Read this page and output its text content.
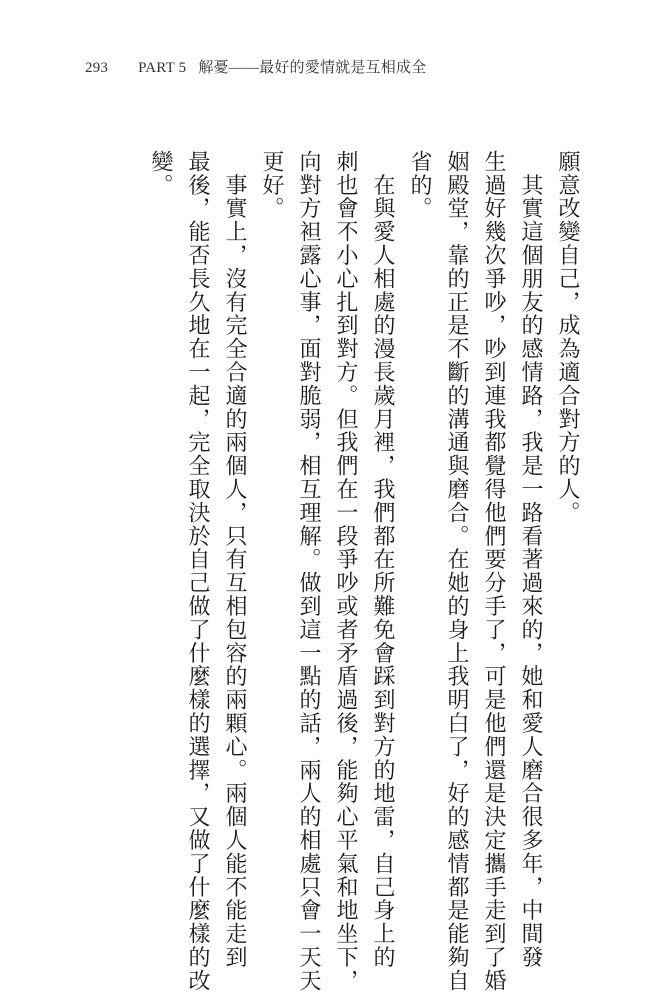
293 PART 5 解憂——最好的愛情就是互相成全
願意改變自己，成為適合對方的人。
　其實這個朋友的感情路，我是一路看著過來的，她和愛人磨合很多年，中間發
生過好幾次爭吵，吵到連我都覺得他們要分手了，可是他們還是決定攜手走到了婚
姻殿堂，靠的正是不斷的溝通與磨合。在她的身上我明白了，好的感情都是能夠自
省的。
　在與愛人相處的漫長歲月裡，我們都在所難免會踩到對方的地雷，自己身上的
刺也會不小心扎到對方。但我們在一段爭吵或者矛盾過後，能夠心平氣和地坐下，
向對方袒露心事，面對脆弱，相互理解。做到這一點的話，兩人的相處只會一天天
更好。
　事實上，沒有完全合適的兩個人，只有互相包容的兩顆心。兩個人能不能走到
最後，能否長久地在一起，完全取決於自己做了什麼樣的選擇，又做了什麼樣的改
變。
